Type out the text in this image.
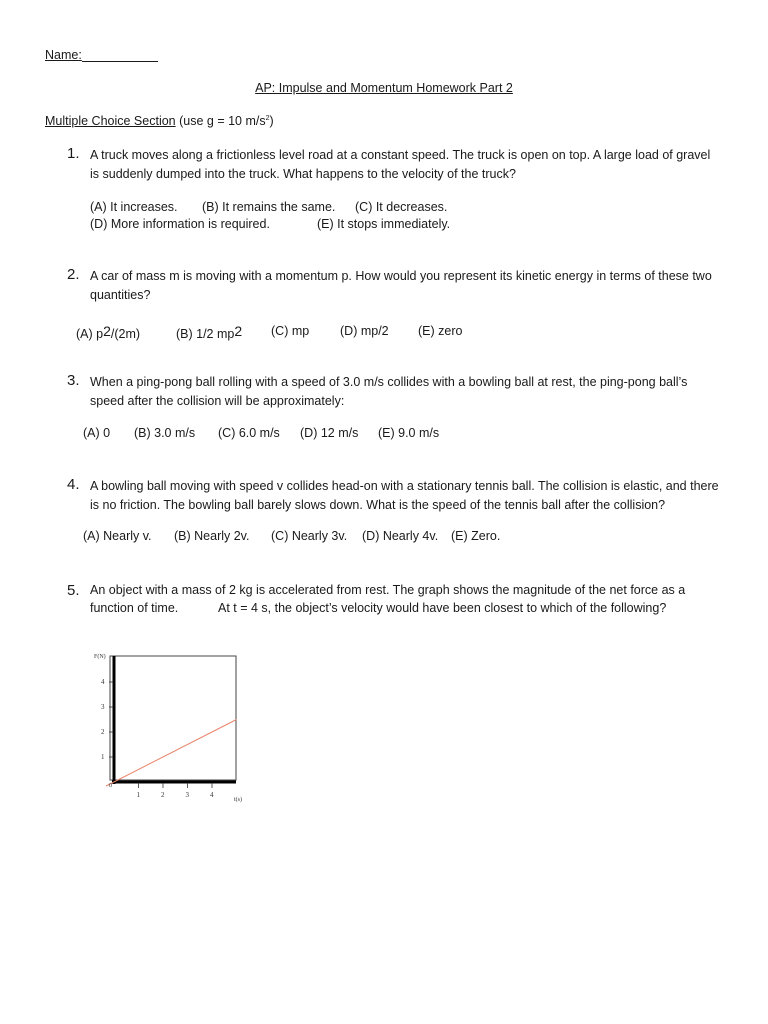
Name:
AP: Impulse and Momentum Homework Part 2
Multiple Choice Section (use g = 10 $m/s^2$)
1. A truck moves along a frictionless level road at a constant speed. The truck is open on top. A large load of gravel is suddenly dumped into the truck. What happens to the velocity of the truck?
(A) It increases. (B) It remains the same. (C) It decreases.
(D) More information is required.	(E) It stops immediately.
2. A car of mass m is moving with a momentum p. How would you represent its kinetic energy in terms of these two quantities?
(A) p2/(2m)	(B) 1/2 mp2 (C) mp (D) mp/2 (E) zero
3. When a ping-pong ball rolling with a speed of 3.0 m/s collides with a bowling ball at rest, the ping-pong ball’s speed after the collision will be approximately:
(A) 0 (B) 3.0 m/s (C) 6.0 m/s (D) 12 m/s (E) 9.0 m/s
4. A bowling ball moving with speed v collides head-on with a stationary tennis ball. The collision is elastic, and there is no friction. The bowling ball barely slows down. What is the speed of the tennis ball after the collision?
(A) Nearly v. (B) Nearly 2v. (C) Nearly 3v. (D) Nearly 4v. (E) Zero.
5. An object with a mass of 2 kg is accelerated from rest. The graph shows the magnitude of the net force as a
function of time.	At t = 4 s, the object’s velocity would have been closest to which of the following?
1
2
3
4
1	2	3	4
F(N)
t(s)
0
